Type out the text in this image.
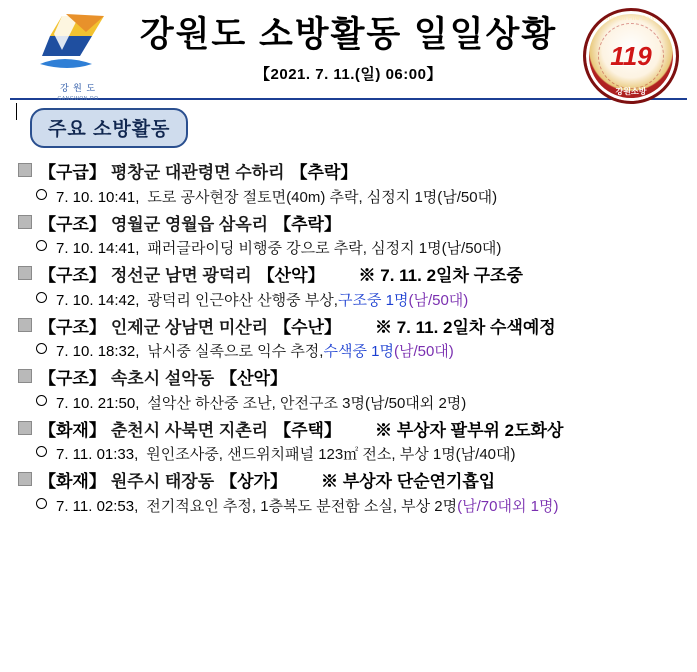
강 원 도
GANGWON-DO
강원도 소방활동 일일상황
【2021. 7. 11.(일) 06:00】
Gangwon Fire Service
119
강원소방
주요 소방활동
【구급】 평창군 대관령면 수하리 【추락】
7. 10. 10:41, 도로 공사현장 절토면(40m) 추락, 심정지 1명(남/50대)
【구조】 영월군 영월읍 삼옥리 【추락】
7. 10. 14:41, 패러글라이딩 비행중 강으로 추락, 심정지 1명(남/50대)
【구조】 정선군 남면 광덕리 【산악】 ※ 7. 11. 2일차 구조중
7. 10. 14:42, 광덕리 인근야산 산행중 부상, 구조중 1명 (남/50대)
【구조】 인제군 상남면 미산리 【수난】 ※ 7. 11. 2일차 수색예정
7. 10. 18:32, 낚시중 실족으로 익수 추정, 수색중 1명 (남/50대)
【구조】 속초시 설악동 【산악】
7. 10. 21:50, 설악산 하산중 조난, 안전구조 3명(남/50대외 2명)
【화재】 춘천시 사북면 지촌리 【주택】 ※ 부상자 팔부위 2도화상
7. 11. 01:33, 원인조사중, 샌드위치패널 123㎡ 전소, 부상 1명(남/40대)
【화재】 원주시 태장동 【상가】 ※ 부상자 단순연기흡입
7. 11. 02:53, 전기적요인 추정, 1층복도 분전함 소실, 부상 2명 (남/70대외 1명)
